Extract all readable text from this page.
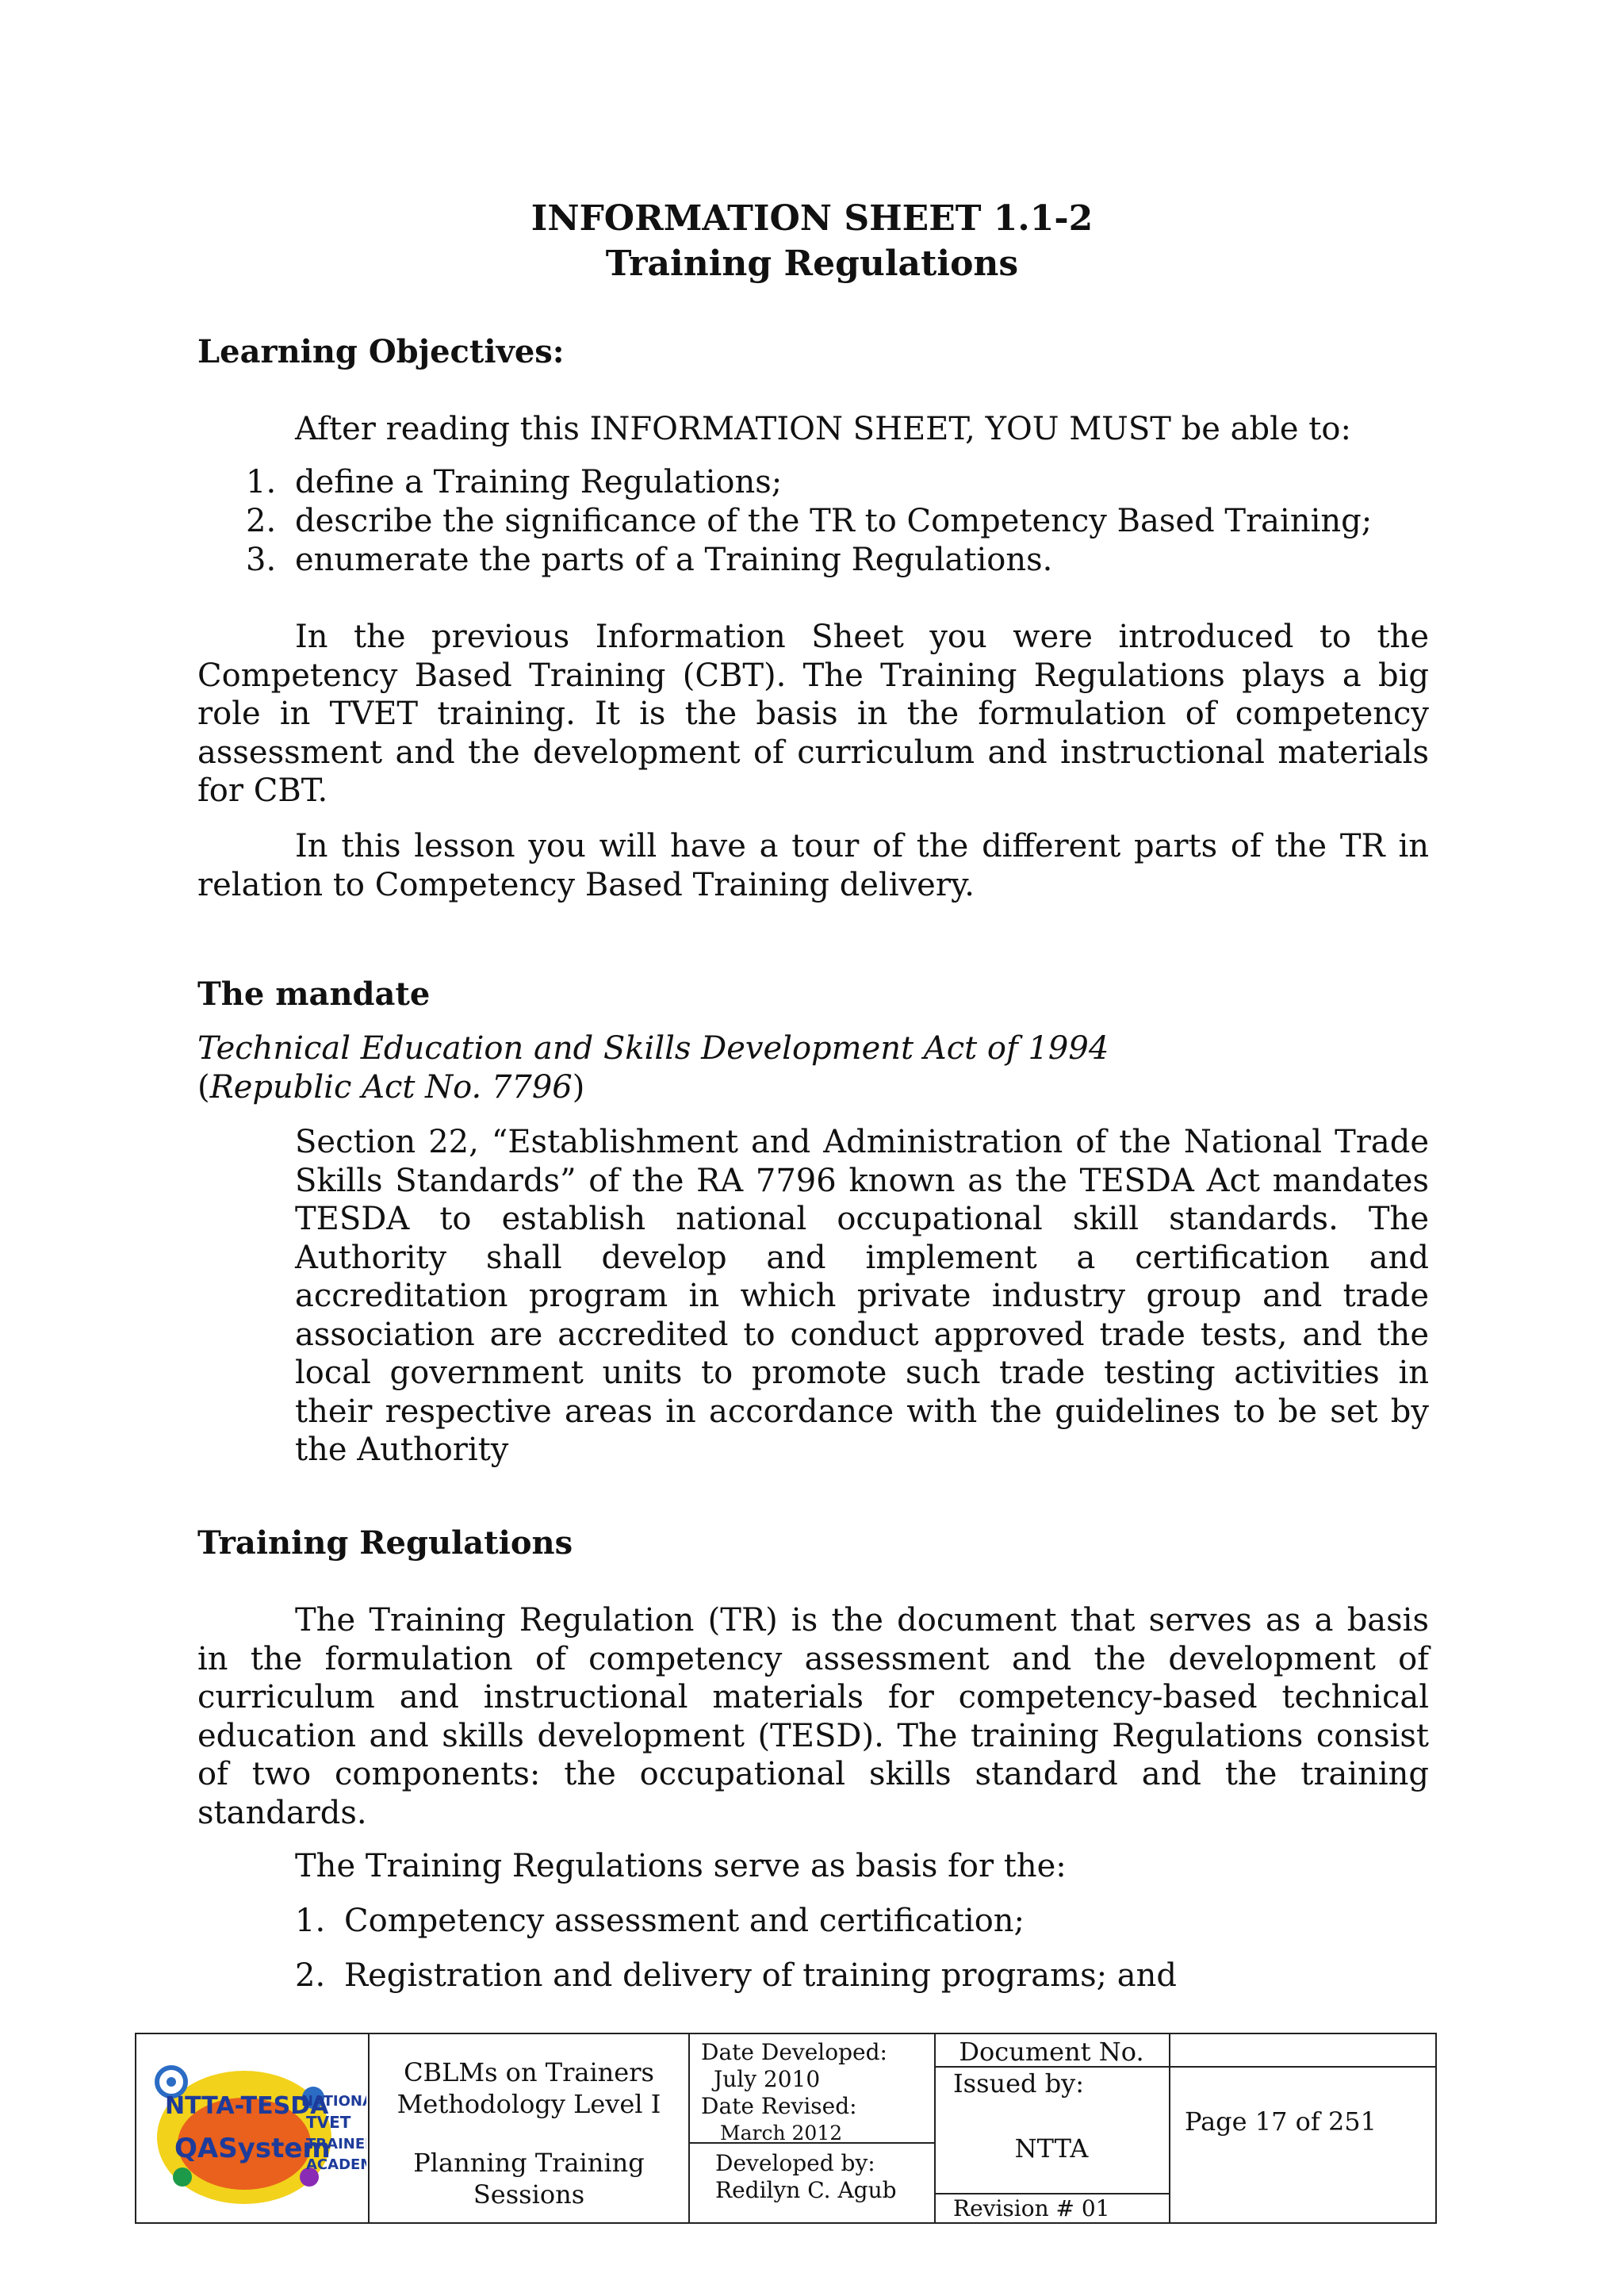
INFORMATION SHEET 1.1-2
Training Regulations
Learning Objectives:
After reading this INFORMATION SHEET, YOU MUST be able to:
1. define a Training Regulations;
2. describe the significance of the TR to Competency Based Training;
3. enumerate the parts of a Training Regulations.
In the previous Information Sheet you were introduced to the Competency Based Training (CBT). The Training Regulations plays a big role in TVET training. It is the basis in the formulation of competency assessment and the development of curriculum and instructional materials for CBT.
In this lesson you will have a tour of the different parts of the TR in relation to Competency Based Training delivery.
The mandate
Technical Education and Skills Development Act of 1994
(Republic Act No. 7796)
Section 22, “Establishment and Administration of the National Trade Skills Standards” of the RA 7796 known as the TESDA Act mandates TESDA to establish national occupational skill standards. The Authority shall develop and implement a certification and accreditation program in which private industry group and trade association are accredited to conduct approved trade tests, and the local government units to promote such trade testing activities in their respective areas in accordance with the guidelines to be set by the Authority
Training Regulations
The Training Regulation (TR) is the document that serves as a basis in the formulation of competency assessment and the development of curriculum and instructional materials for competency-based technical education and skills development (TESD). The training Regulations consist of two components: the occupational skills standard and the training standards.
The Training Regulations serve as basis for the:
1. Competency assessment and certification;
2. Registration and delivery of training programs; and
NTTA-TESDA
QASystem
NATION
TVET
TRAINE
ACADE
CBLMs on Trainers
Methodology Level I
Planning Training
Sessions
Date Developed:
July 2010
Date Revised:
March 2012
Developed by:
Redilyn C. Agub
Document No.
Issued by:
NTTA
Revision # 01
Page 17 of 251
